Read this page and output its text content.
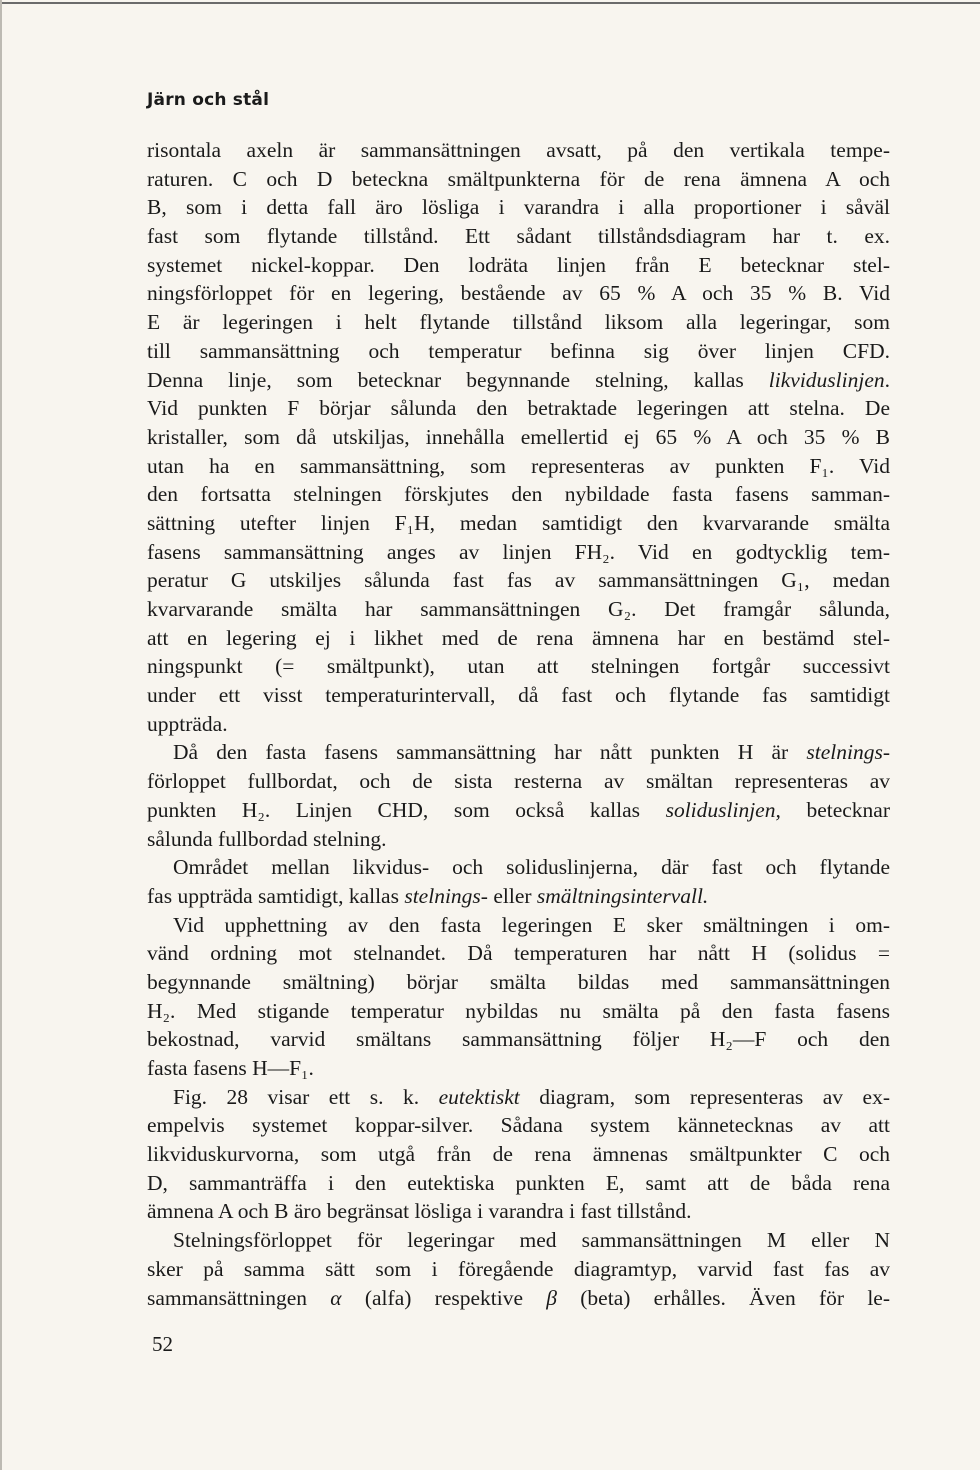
Järn och stål
risontala axeln är sammansättningen avsatt, på den vertikala tempe-
raturen. C och D beteckna smältpunkterna för de rena ämnena A och
B, som i detta fall äro lösliga i varandra i alla proportioner i såväl
fast som flytande tillstånd. Ett sådant tillståndsdiagram har t. ex.
systemet nickel-koppar. Den lodräta linjen från E betecknar stel-
ningsförloppet för en legering, bestående av 65 % A och 35 % B. Vid
E är legeringen i helt flytande tillstånd liksom alla legeringar, som
till sammansättning och temperatur befinna sig över linjen CFD.
Denna linje, som betecknar begynnande stelning, kallas likviduslinjen.
Vid punkten F börjar sålunda den betraktade legeringen att stelna. De
kristaller, som då utskiljas, innehålla emellertid ej 65 % A och 35 % B
utan ha en sammansättning, som representeras av punkten F₁. Vid
den fortsatta stelningen förskjutes den nybildade fasta fasens samman-
sättning utefter linjen F₁H, medan samtidigt den kvarvarande smälta
fasens sammansättning anges av linjen FH₂. Vid en godtycklig tem-
peratur G utskiljes sålunda fast fas av sammansättningen G₁, medan
kvarvarande smälta har sammansättningen G₂. Det framgår sålunda,
att en legering ej i likhet med de rena ämnena har en bestämd stel-
ningspunkt (= smältpunkt), utan att stelningen fortgår successivt
under ett visst temperaturintervall, då fast och flytande fas samtidigt
uppträda.
Då den fasta fasens sammansättning har nått punkten H är stelnings-
förloppet fullbordat, och de sista resterna av smältan representeras av
punkten H₂. Linjen CHD, som också kallas soliduslinjen, betecknar
sålunda fullbordad stelning.
Området mellan likvidus- och soliduslinjerna, där fast och flytande
fas uppträda samtidigt, kallas stelnings- eller smältningsintervall.
Vid upphettning av den fasta legeringen E sker smältningen i om-
vänd ordning mot stelnandet. Då temperaturen har nått H (solidus =
begynnande smältning) börjar smälta bildas med sammansättningen
H₂. Med stigande temperatur nybildas nu smälta på den fasta fasens
bekostnad, varvid smältans sammansättning följer H₂—F och den
fasta fasens H—F₁.
Fig. 28 visar ett s. k. eutektiskt diagram, som representeras av ex-
empelvis systemet koppar-silver. Sådana system kännetecknas av att
likviduskurvorna, som utgå från de rena ämnenas smältpunkter C och
D, sammanträffa i den eutektiska punkten E, samt att de båda rena
ämnena A och B äro begränsat lösliga i varandra i fast tillstånd.
Stelningsförloppet för legeringar med sammansättningen M eller N
sker på samma sätt som i föregående diagramtyp, varvid fast fas av
sammansättningen α (alfa) respektive β (beta) erhålles. Även för le-
52
